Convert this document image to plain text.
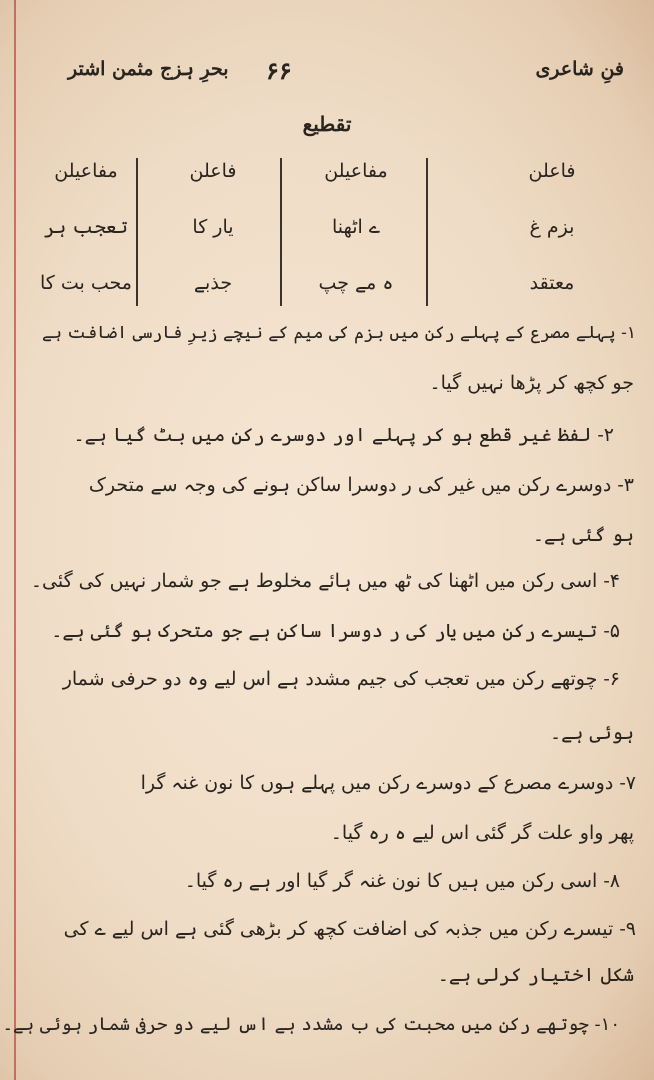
فنِ شاعری
۶۶
بحرِ ہزج مثمن اشتر
تقطیع
فاعلن
بزم غ
معتقد
مفاعیلن
ے اٹھنا
ہ مے چپ
فاعلن
یار کا
جذبے
مفاعیلن
تعجب ہر
محب بت کا
۱- پہلے مصرع کے پہلے رکن میں بزم کی میم کے نیچے زیرِ فارسی اضافت ہے
جو کچھ کر پڑھا نہیں گیا۔
۲- لفظ غیر قطع ہو کر پہلے اور دوسرے رکن میں بٹ گیا ہے۔
۳- دوسرے رکن میں غیر کی ر دوسرا ساکن ہونے کی وجہ سے متحرک
ہو گئی ہے۔
۴- اسی رکن میں اٹھنا کی ٹھ میں ہائے مخلوط ہے جو شمار نہیں کی گئی۔
۵- تیسرے رکن میں یار کی ر دوسرا ساکن ہے جو متحرک ہو گئی ہے۔
۶- چوتھے رکن میں تعجب کی جیم مشدد ہے اس لیے وہ دو حرفی شمار
ہوئی ہے۔
۷- دوسرے مصرع کے دوسرے رکن میں پہلے ہوں کا نون غنہ گرا
پھر واو علت گر گئی اس لیے ہ رہ گیا۔
۸- اسی رکن میں ہیں کا نون غنہ گر گیا اور ہے رہ گیا۔
۹- تیسرے رکن میں جذبہ کی اضافت کچھ کر بڑھی گئی ہے اس لیے ے کی
شکل اختیار کرلی ہے۔
۱۰- چوتھے رکن میں محبت کی ب مشدد ہے اس لیے دو حرفی شمار ہوئی ہے۔
